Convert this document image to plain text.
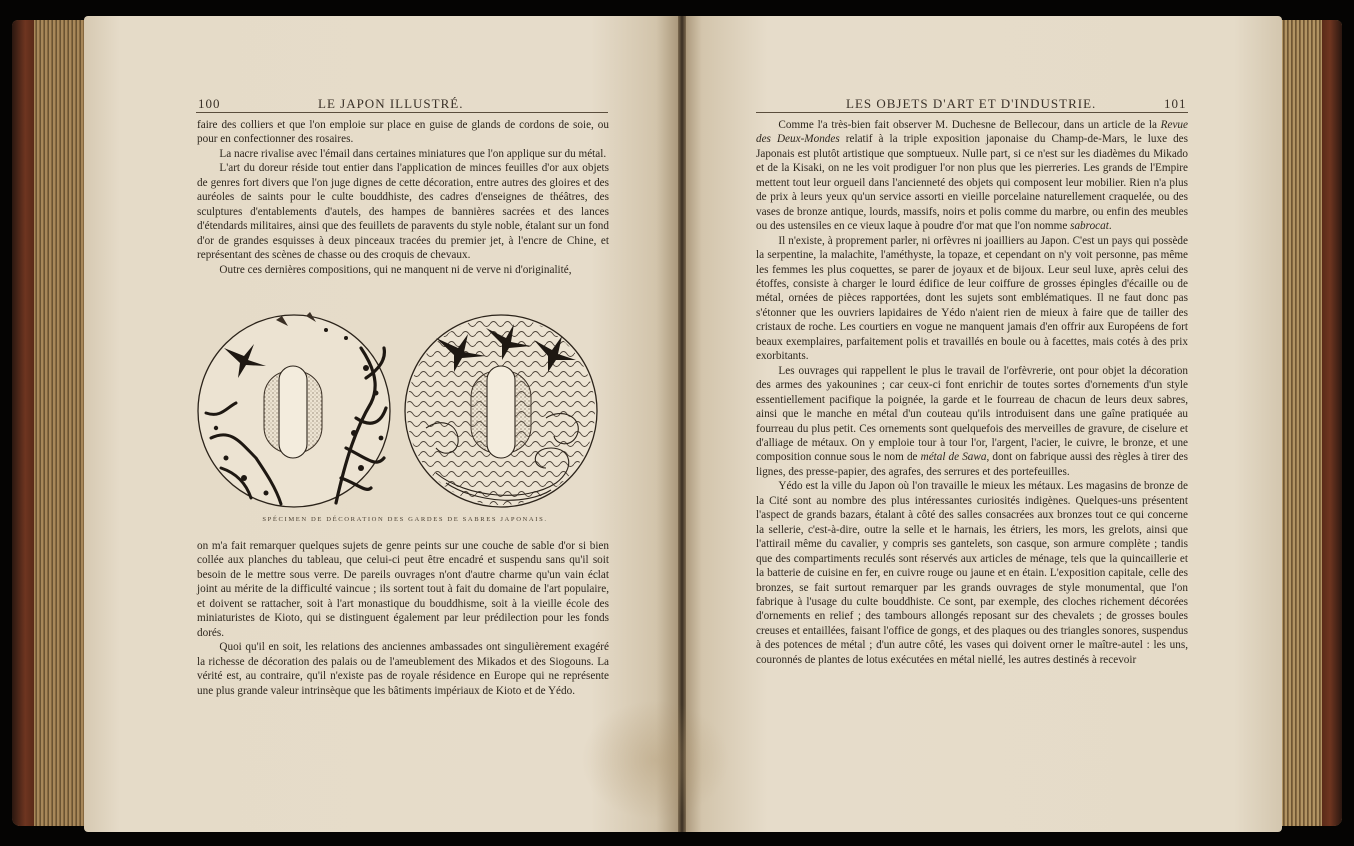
100	LE JAPON ILLUSTRÉ.

faire des colliers et que l'on emploie sur place en guise de glands de cordons de soie, ou pour en confectionner des rosaires.

La nacre rivalise avec l'émail dans certaines miniatures que l'on applique sur du métal.

L'art du doreur réside tout entier dans l'application de minces feuilles d'or aux objets de genres fort divers que l'on juge dignes de cette décoration, entre autres des gloires et des auréoles de saints pour le culte bouddhiste, des cadres d'enseignes de théâtres, des sculptures d'entablements d'autels, des hampes de bannières sacrées et des lances d'étendards militaires, ainsi que des feuillets de paravents du style noble, étalant sur un fond d'or de grandes esquisses à deux pinceaux tracées du premier jet, à l'encre de Chine, et représentant des scènes de chasse ou des croquis de chevaux.

Outre ces dernières compositions, qui ne manquent ni de verve ni d'originalité,

SPÉCIMEN DE DÉCORATION DES GARDES DE SABRES JAPONAIS.

on m'a fait remarquer quelques sujets de genre peints sur une couche de sable d'or si bien collée aux planches du tableau, que celui-ci peut être encadré et suspendu sans qu'il soit besoin de le mettre sous verre. De pareils ouvrages n'ont d'autre charme qu'un vain éclat joint au mérite de la difficulté vaincue ; ils sortent tout à fait du domaine de l'art populaire, et doivent se rattacher, soit à l'art monastique du bouddhisme, soit à la vieille école des miniaturistes de Kioto, qui se distinguent également par leur prédilection pour les fonds dorés.

Quoi qu'il en soit, les relations des anciennes ambassades ont singulièrement exagéré la richesse de décoration des palais ou de l'ameublement des Mikados et des Siogouns. La vérité est, au contraire, qu'il n'existe pas de royale résidence en Europe qui ne représente une plus grande valeur intrinsèque que les bâtiments impériaux de Kioto et de Yédo.

LES OBJETS D'ART ET D'INDUSTRIE.	101

Comme l'a très-bien fait observer M. Duchesne de Bellecour, dans un article de la Revue des Deux-Mondes relatif à la triple exposition japonaise du Champ-de-Mars, le luxe des Japonais est plutôt artistique que somptueux. Nulle part, si ce n'est sur les diadèmes du Mikado et de la Kisaki, on ne les voit prodiguer l'or non plus que les pierreries. Les grands de l'Empire mettent tout leur orgueil dans l'ancienneté des objets qui composent leur mobilier. Rien n'a plus de prix à leurs yeux qu'un service assorti en vieille porcelaine naturellement craquelée, ou des vases de bronze antique, lourds, massifs, noirs et polis comme du marbre, ou enfin des meubles ou des ustensiles en ce vieux laque à poudre d'or mat que l'on nomme sabrocat.

Il n'existe, à proprement parler, ni orfèvres ni joailliers au Japon. C'est un pays qui possède la serpentine, la malachite, l'améthyste, la topaze, et cependant on n'y voit personne, pas même les femmes les plus coquettes, se parer de joyaux et de bijoux. Leur seul luxe, après celui des étoffes, consiste à charger le lourd édifice de leur coiffure de grosses épingles d'écaille ou de métal, ornées de pièces rapportées, dont les sujets sont emblématiques. Il ne faut donc pas s'étonner que les ouvriers lapidaires de Yédo n'aient rien de mieux à faire que de tailler des cristaux de roche. Les courtiers en vogue ne manquent jamais d'en offrir aux Européens de fort beaux exemplaires, parfaitement polis et travaillés en boule ou à facettes, mais cotés à des prix exorbitants.

Les ouvrages qui rappellent le plus le travail de l'orfèvrerie, ont pour objet la décoration des armes des yakounines ; car ceux-ci font enrichir de toutes sortes d'ornements d'un style essentiellement pacifique la poignée, la garde et le fourreau de chacun de leurs deux sabres, ainsi que le manche en métal d'un couteau qu'ils introduisent dans une gaîne pratiquée au fourreau du plus petit. Ces ornements sont quelquefois des merveilles de gravure, de ciselure et d'alliage de métaux. On y emploie tour à tour l'or, l'argent, l'acier, le cuivre, le bronze, et une composition connue sous le nom de métal de Sawa, dont on fabrique aussi des règles à tirer des lignes, des presse-papier, des agrafes, des serrures et des portefeuilles.

Yédo est la ville du Japon où l'on travaille le mieux les métaux. Les magasins de bronze de la Cité sont au nombre des plus intéressantes curiosités indigènes. Quelques-uns présentent l'aspect de grands bazars, étalant à côté des salles consacrées aux bronzes tout ce qui concerne la sellerie, c'est-à-dire, outre la selle et le harnais, les étriers, les mors, les grelots, ainsi que l'attirail même du cavalier, y compris ses gantelets, son casque, son armure complète ; tandis que des compartiments reculés sont réservés aux articles de ménage, tels que la quincaillerie et la batterie de cuisine en fer, en cuivre rouge ou jaune et en étain. L'exposition capitale, celle des bronzes, se fait surtout remarquer par les grands ouvrages de style monumental, que l'on fabrique à l'usage du culte bouddhiste. Ce sont, par exemple, des cloches richement décorées d'ornements en relief ; des tambours allongés reposant sur des chevalets ; de grosses boules creuses et entaillées, faisant l'office de gongs, et des plaques ou des triangles sonores, suspendus à des potences de métal ; d'un autre côté, les vases qui doivent orner le maître-autel : les uns, couronnés de plantes de lotus exécutées en métal niellé, les autres destinés à recevoir
